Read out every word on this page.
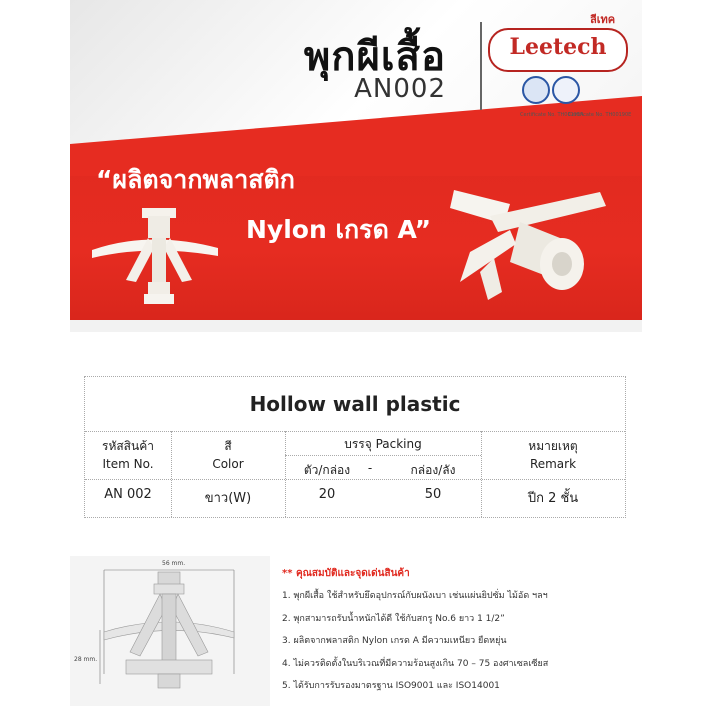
พุกผีเสื้อ
AN002
Leetech
ลีเทค
Certificate No. TH00191A
Certificate No. TH00190E
“ผลิตจากพลาสติก
Nylon เกรด A”
Hollow wall plastic
รหัสสินค้า
Item No.
สี
Color
บรรจุ Packing
ตัว/กล่อง	-	กล่อง/ลัง
หมายเหตุ
Remark
AN 002	ขาว(W)	20	50	ปีก 2 ชั้น
56 mm.
28 mm.
** คุณสมบัติและจุดเด่นสินค้า
1. พุกผีเสื้อ ใช้สำหรับยึดอุปกรณ์กับผนังเบา เช่นแผ่นยิปซั่ม ไม้อัด ฯลฯ
2. พุกสามารถรับน้ำหนักได้ดี ใช้กับสกรู No.6 ยาว 1 1/2”
3. ผลิตจากพลาสติก Nylon เกรด A มีความเหนียว ยืดหยุ่น
4. ไม่ควรติดตั้งในบริเวณที่มีความร้อนสูงเกิน 70 – 75 องศาเซลเซียส
5. ได้รับการรับรองมาตรฐาน ISO9001 และ ISO14001
